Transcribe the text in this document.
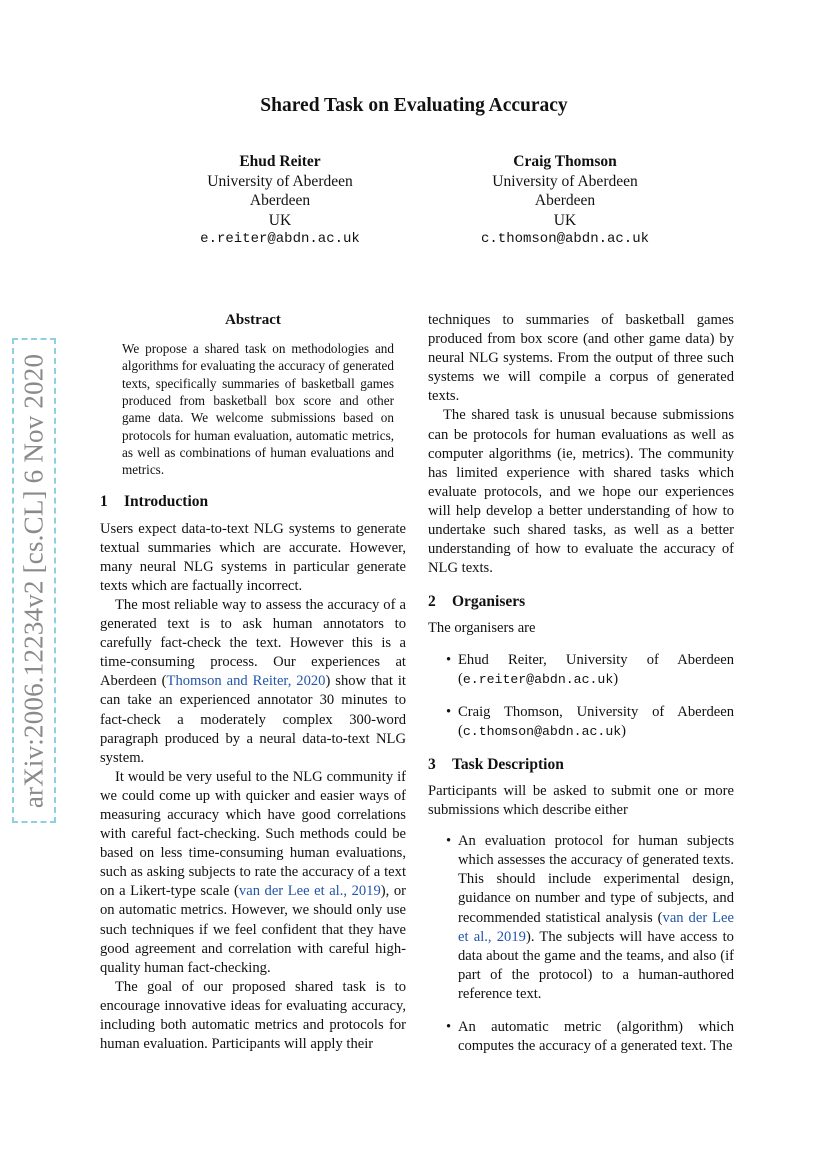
arXiv:2006.12234v2 [cs.CL] 6 Nov 2020
Shared Task on Evaluating Accuracy
Ehud Reiter
University of Aberdeen
Aberdeen
UK
e.reiter@abdn.ac.uk
Craig Thomson
University of Aberdeen
Aberdeen
UK
c.thomson@abdn.ac.uk
Abstract

We propose a shared task on methodologies and algorithms for evaluating the accuracy of generated texts, specifically summaries of basketball games produced from basketball box score and other game data. We welcome submissions based on protocols for human evaluation, automatic metrics, as well as combinations of human evaluations and metrics.

1 Introduction

Users expect data-to-text NLG systems to generate textual summaries which are accurate. However, many neural NLG systems in particular generate texts which are factually incorrect.

The most reliable way to assess the accuracy of a generated text is to ask human annotators to carefully fact-check the text. However this is a time-consuming process. Our experiences at Aberdeen (Thomson and Reiter, 2020) show that it can take an experienced annotator 30 minutes to fact-check a moderately complex 300-word paragraph produced by a neural data-to-text NLG system.

It would be very useful to the NLG community if we could come up with quicker and easier ways of measuring accuracy which have good correlations with careful fact-checking. Such methods could be based on less time-consuming human evaluations, such as asking subjects to rate the accuracy of a text on a Likert-type scale (van der Lee et al., 2019), or on automatic metrics. However, we should only use such techniques if we feel confident that they have good agreement and correlation with careful high-quality human fact-checking.

The goal of our proposed shared task is to encourage innovative ideas for evaluating accuracy, including both automatic metrics and protocols for human evaluation. Participants will apply their

techniques to summaries of basketball games produced from box score (and other game data) by neural NLG systems. From the output of three such systems we will compile a corpus of generated texts.

The shared task is unusual because submissions can be protocols for human evaluations as well as computer algorithms (ie, metrics). The community has limited experience with shared tasks which evaluate protocols, and we hope our experiences will help develop a better understanding of how to undertake such shared tasks, as well as a better understanding of how to evaluate the accuracy of NLG texts.

2 Organisers

The organisers are

• Ehud Reiter, University of Aberdeen (e.reiter@abdn.ac.uk)
• Craig Thomson, University of Aberdeen (c.thomson@abdn.ac.uk)
3 Task Description

Participants will be asked to submit one or more submissions which describe either

• An evaluation protocol for human subjects which assesses the accuracy of generated texts. This should include experimental design, guidance on number and type of subjects, and recommended statistical analysis (van der Lee et al., 2019). The subjects will have access to data about the game and the teams, and also (if part of the protocol) to a human-authored reference text.
• An automatic metric (algorithm) which computes the accuracy of a generated text. The
